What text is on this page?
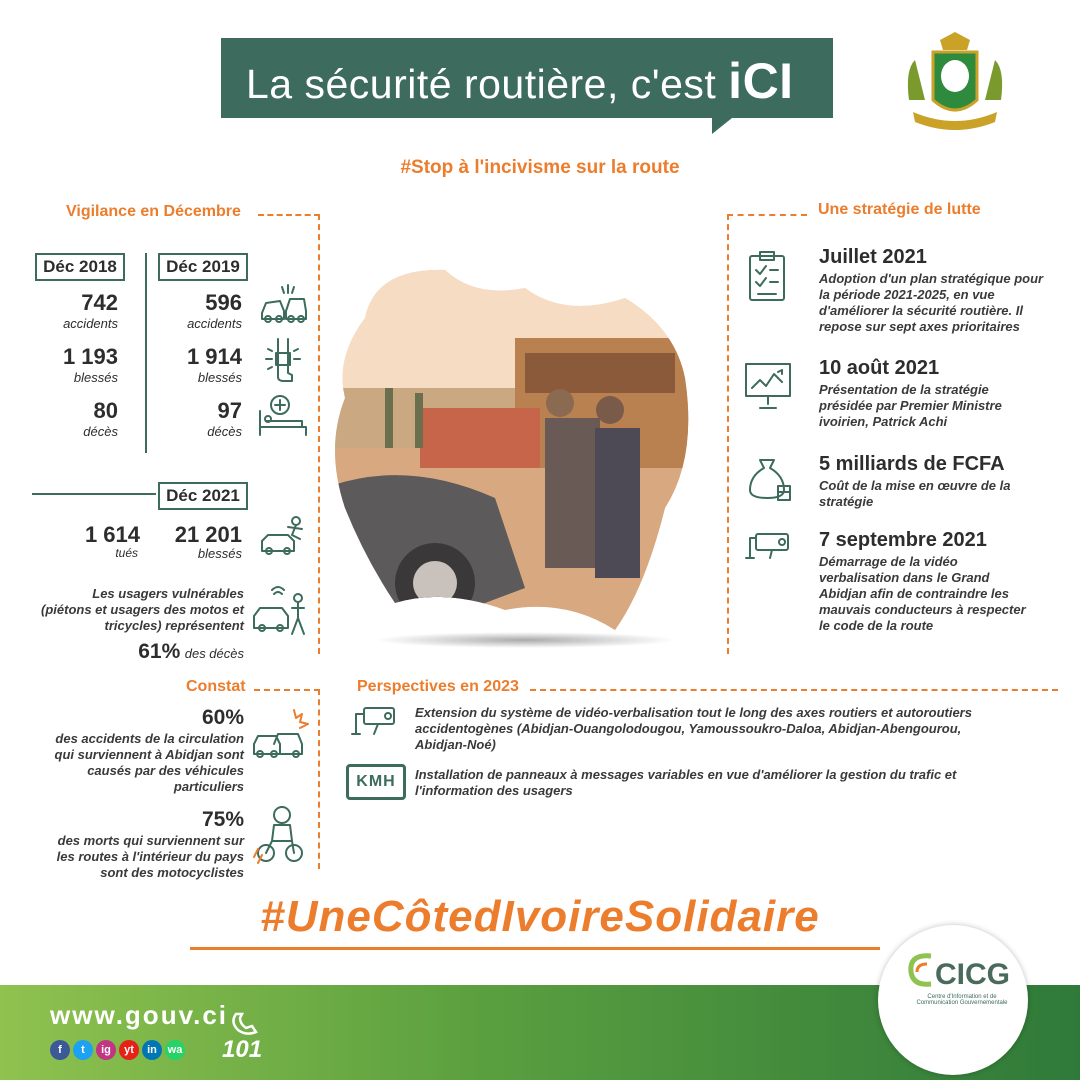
La sécurité routière, c'est iCI
#Stop à l'incivisme sur la route
Vigilance en Décembre
Déc 2018	Déc 2019
742
accidents
596
accidents
1 193
blessés
1 914
blessés
80
décès
97
décès
Déc 2021
1 614
tués
21 201
blessés
Les usagers vulnérables (piétons et usagers des motos et tricycles) représentent
61% des décès
Une stratégie de lutte
Juillet 2021
Adoption d'un plan stratégique pour la période 2021-2025, en vue d'améliorer la sécurité routière. Il repose sur sept axes prioritaires
10 août 2021
Présentation de la stratégie présidée par Premier Ministre ivoirien, Patrick Achi
5 milliards de FCFA
Coût de la mise en œuvre de la stratégie
7 septembre 2021
Démarrage de la vidéo verbalisation dans le Grand Abidjan afin de contraindre les mauvais conducteurs à respecter le code de la route
Constat
60%
des accidents de la circulation qui surviennent à Abidjan sont causés par des véhicules particuliers
75%
des morts qui surviennent sur les routes à l'intérieur du pays sont des motocyclistes
Perspectives en 2023
Extension du système de vidéo-verbalisation tout le long des axes routiers et autoroutiers accidentogènes (Abidjan-Ouangolodougou, Yamoussoukro-Daloa, Abidjan-Abengourou, Abidjan-Noé)
KMH	Installation de panneaux à messages variables en vue d'améliorer la gestion du trafic et l'information des usagers
#UneCôtedIvoireSolidaire
www.gouv.ci
f t ig yt in wa 101
CICG
Centre d'Information et de Communication Gouvernementale
